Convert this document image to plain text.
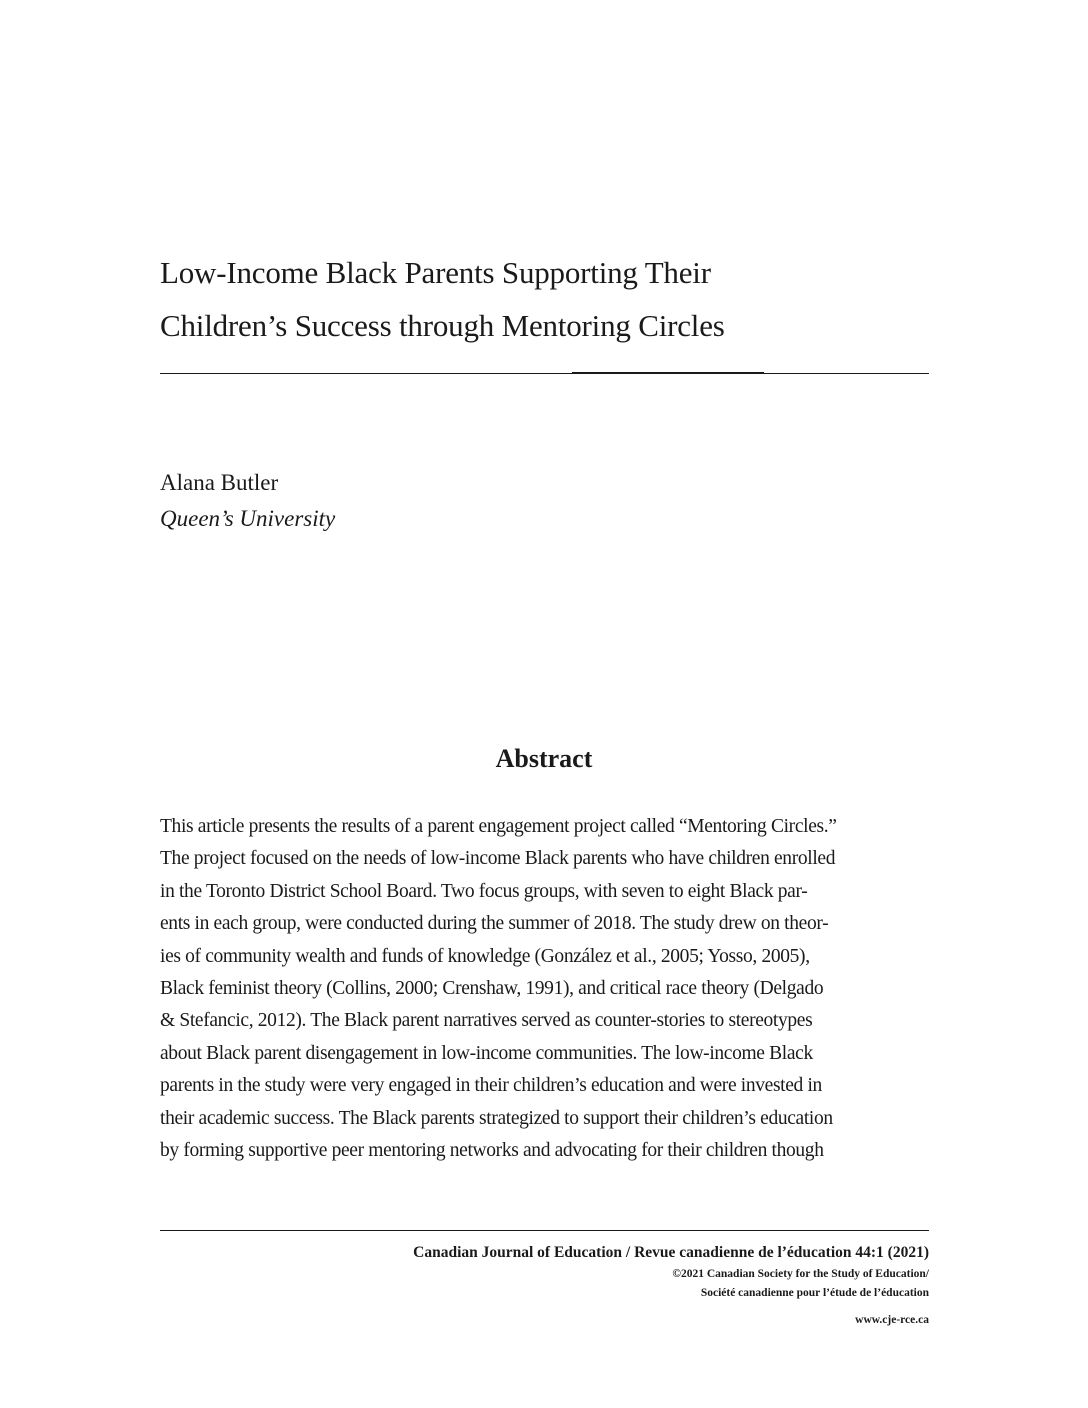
Low-Income Black Parents Supporting Their
Children’s Success through Mentoring Circles
Alana Butler
Queen’s University
Abstract
This article presents the results of a parent engagement project called “Mentoring Circles.”
The project focused on the needs of low-income Black parents who have children enrolled
in the Toronto District School Board. Two focus groups, with seven to eight Black par-
ents in each group, were conducted during the summer of 2018. The study drew on theor-
ies of community wealth and funds of knowledge (González et al., 2005; Yosso, 2005),
Black feminist theory (Collins, 2000; Crenshaw, 1991), and critical race theory (Delgado
& Stefancic, 2012). The Black parent narratives served as counter-stories to stereotypes
about Black parent disengagement in low-income communities. The low-income Black
parents in the study were very engaged in their children’s education and were invested in
their academic success. The Black parents strategized to support their children’s education
by forming supportive peer mentoring networks and advocating for their children though
Canadian Journal of Education / Revue canadienne de l’éducation 44:1 (2021)
©2021 Canadian Society for the Study of Education/
Société canadienne pour l’étude de l’éducation
www.cje-rce.ca
